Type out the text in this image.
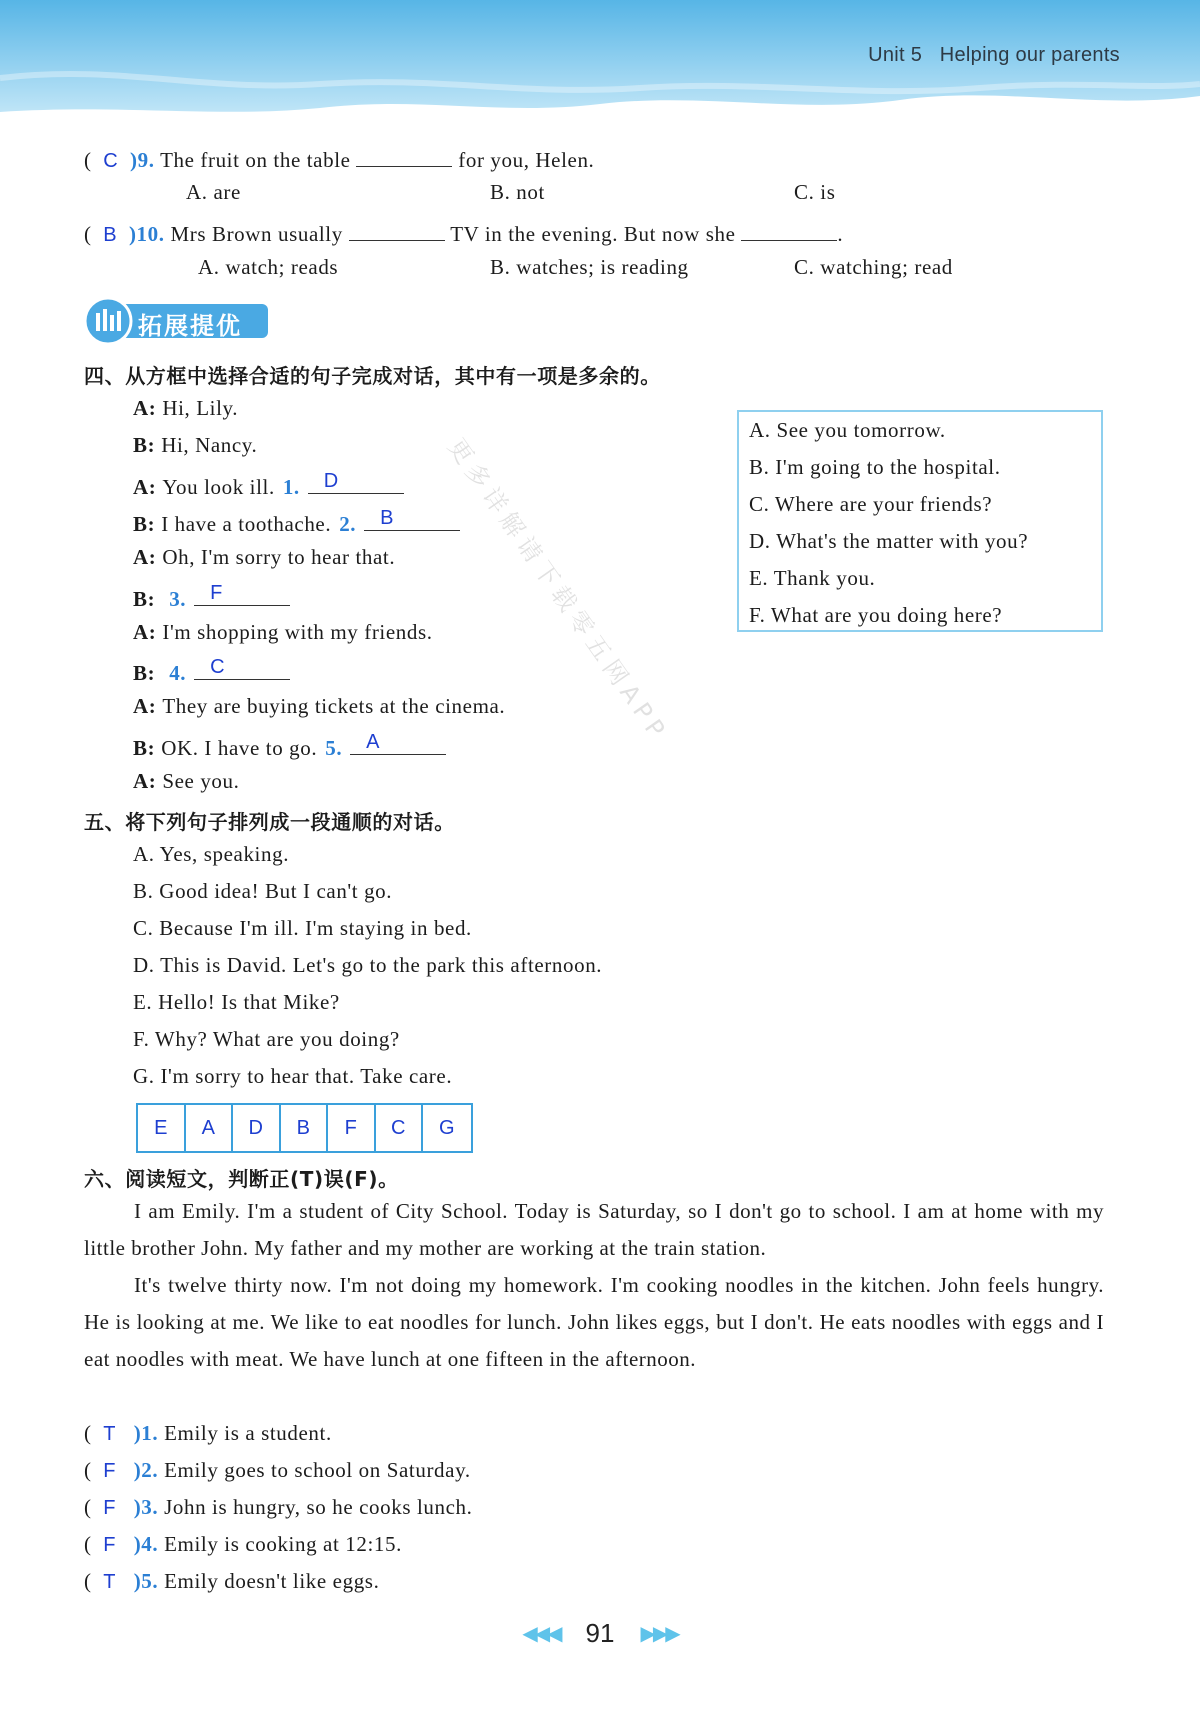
Unit 5 Helping our parents
(  C )9. The fruit on the table	for you, Helen.
A. are	B. not	C. is
(  B )10. Mrs Brown usually	TV in the evening. But now she	.
A. watch; reads	B. watches; is reading	C. watching; read
拓展提优
四、从方框中选择合适的句子完成对话，其中有一项是多余的。
A: Hi, Lily.
B: Hi, Nancy.
A: You look ill. 1. D
B: I have a toothache. 2. B
A: Oh, I'm sorry to hear that.
B: 3. F
A: I'm shopping with my friends.
B: 4. C
A: They are buying tickets at the cinema.
B: OK. I have to go. 5. A
A: See you.
A. See you tomorrow.
B. I'm going to the hospital.
C. Where are your friends?
D. What's the matter with you?
E. Thank you.
F. What are you doing here?
更多详解请下载零五网APP
五、将下列句子排列成一段通顺的对话。
A. Yes, speaking.
B. Good idea! But I can't go.
C. Because I'm ill. I'm staying in bed.
D. This is David. Let's go to the park this afternoon.
E. Hello! Is that Mike?
F. Why? What are you doing?
G. I'm sorry to hear that. Take care.
E A D B F C G
六、阅读短文，判断正(T)误(F)。
I am Emily. I'm a student of City School. Today is Saturday, so I don't go to school. I am at home with my little brother John. My father and my mother are working at the train station.
It's twelve thirty now. I'm not doing my homework. I'm cooking noodles in the kitchen. John feels hungry. He is looking at me. We like to eat noodles for lunch. John likes eggs, but I don't. He eats noodles with eggs and I eat noodles with meat. We have lunch at one fifteen in the afternoon.
(  T )1. Emily is a student.
(  F )2. Emily goes to school on Saturday.
(  F )3. John is hungry, so he cooks lunch.
(  F )4. Emily is cooking at 12:15.
(  T )5. Emily doesn't like eggs.
◀◀◀ 91 ▶▶▶
